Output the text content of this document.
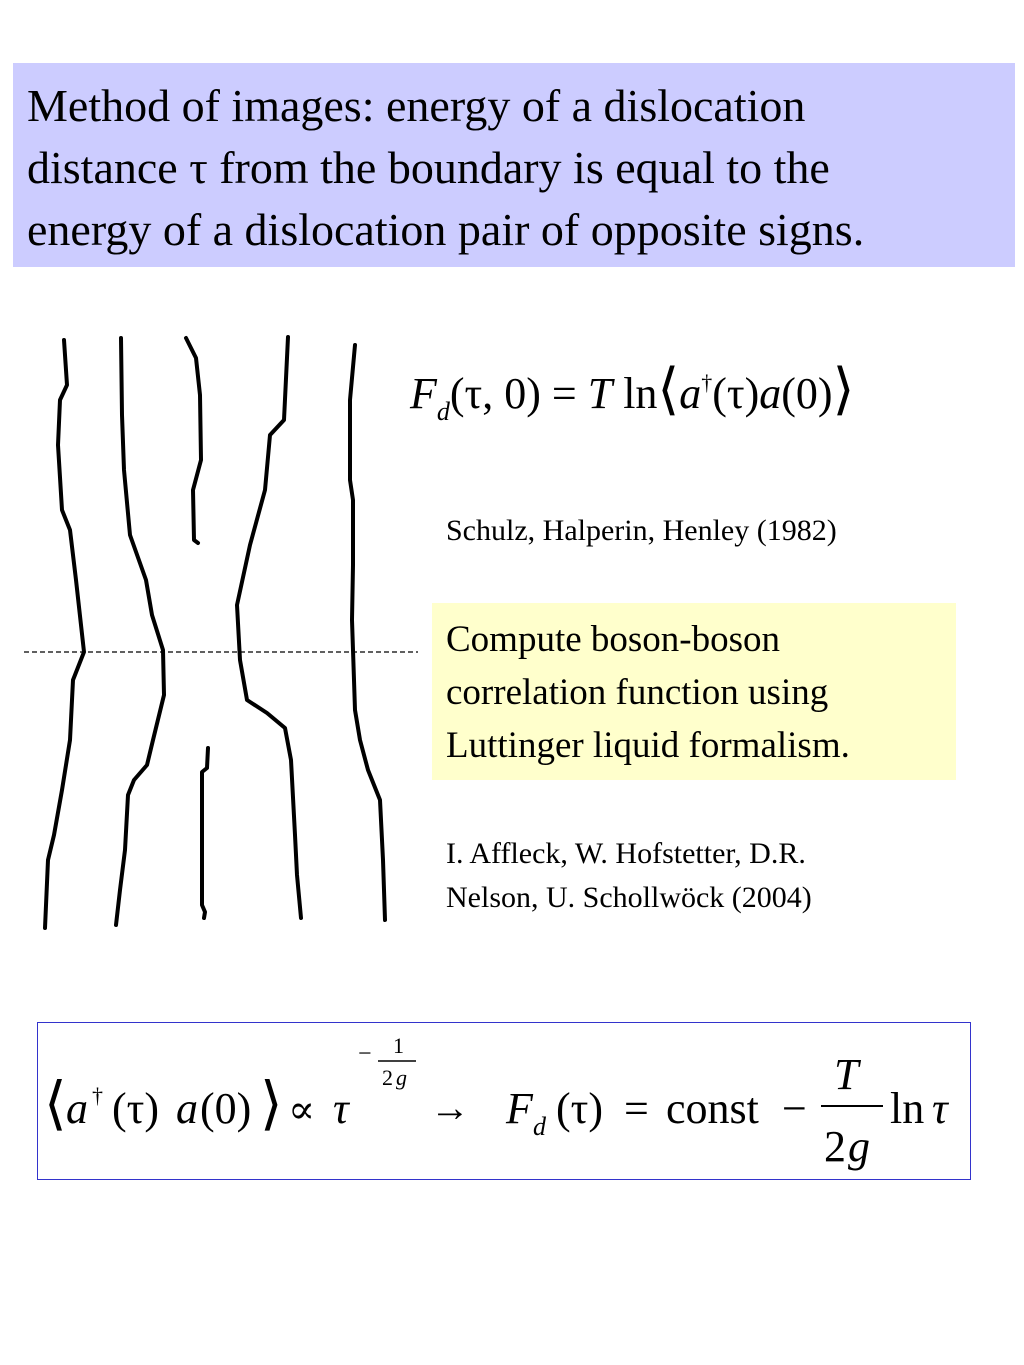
Method of images: energy of a dislocation
distance τ from the boundary is equal to the
energy of a dislocation pair of opposite signs.
$F_d(\tau$, 0) = T ln⟨a†(τ)a(0)⟩
Schulz, Halperin, Henley (1982)
Compute boson-boson
correlation function using
Luttinger liquid formalism.
I. Affleck, W. Hofstetter, D.R.
Nelson, U. Schollwöck (2004)
⟨ a † (τ) a (0) ⟩ ∝ τ
− 1
2 g
→ F d (τ) = const −
T
2 g
ln τ
